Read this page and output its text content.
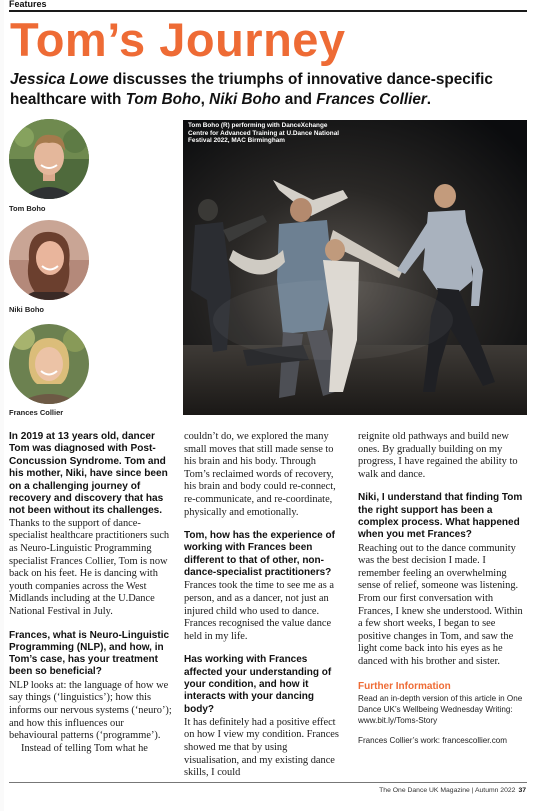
Features
Tom’s Journey
Jessica Lowe discusses the triumphs of innovative dance-specific healthcare with Tom Boho, Niki Boho and Frances Collier.
Tom Boho
Niki Boho
Frances Collier
Tom Boho (R) performing with DanceXchange Centre for Advanced Training at U.Dance National Festival 2022, MAC Birmingham

In 2019 at 13 years old, dancer Tom was diagnosed with Post-Concussion Syndrome. Tom and his mother, Niki, have since been on a challenging journey of recovery and discovery that has not been without its challenges.

Thanks to the support of dance-specialist healthcare practitioners such as Neuro-Linguistic Programming specialist Frances Collier, Tom is now back on his feet. He is dancing with youth companies across the West Midlands including at the U.Dance National Festival in July.

Frances, what is Neuro-Linguistic Programming (NLP), and how, in Tom’s case, has your treatment been so beneficial?

NLP looks at: the language of how we say things (‘linguistics’); how this informs our nervous systems (‘neuro’); and how this influences our behavioural patterns (‘programme’).

Instead of telling Tom what he

couldn’t do, we explored the many small moves that still made sense to his brain and his body. Through Tom’s reclaimed words of recovery, his brain and body could re-connect, re-communicate, and re-coordinate, physically and emotionally.

Tom, how has the experience of working with Frances been different to that of other, non-dance-specialist practitioners?

Frances took the time to see me as a person, and as a dancer, not just an injured child who used to dance. Frances recognised the value dance held in my life.

Has working with Frances affected your understanding of your condition, and how it interacts with your dancing body?

It has definitely had a positive effect on how I view my condition. Frances showed me that by using visualisation, and my existing dance skills, I could

reignite old pathways and build new ones. By gradually building on my progress, I have regained the ability to walk and dance.

Niki, I understand that finding Tom the right support has been a complex process. What happened when you met Frances?

Reaching out to the dance community was the best decision I made. I remember feeling an overwhelming sense of relief, someone was listening. From our first conversation with Frances, I knew she understood. Within a few short weeks, I began to see positive changes in Tom, and saw the light come back into his eyes as he danced with his brother and sister.

Further Information

Read an in-depth version of this article in One Dance UK’s Wellbeing Wednesday Writing: www.bit.ly/Toms-Story

Frances Collier’s work: francescollier.com

The One Dance UK Magazine | Autumn 2022 37
